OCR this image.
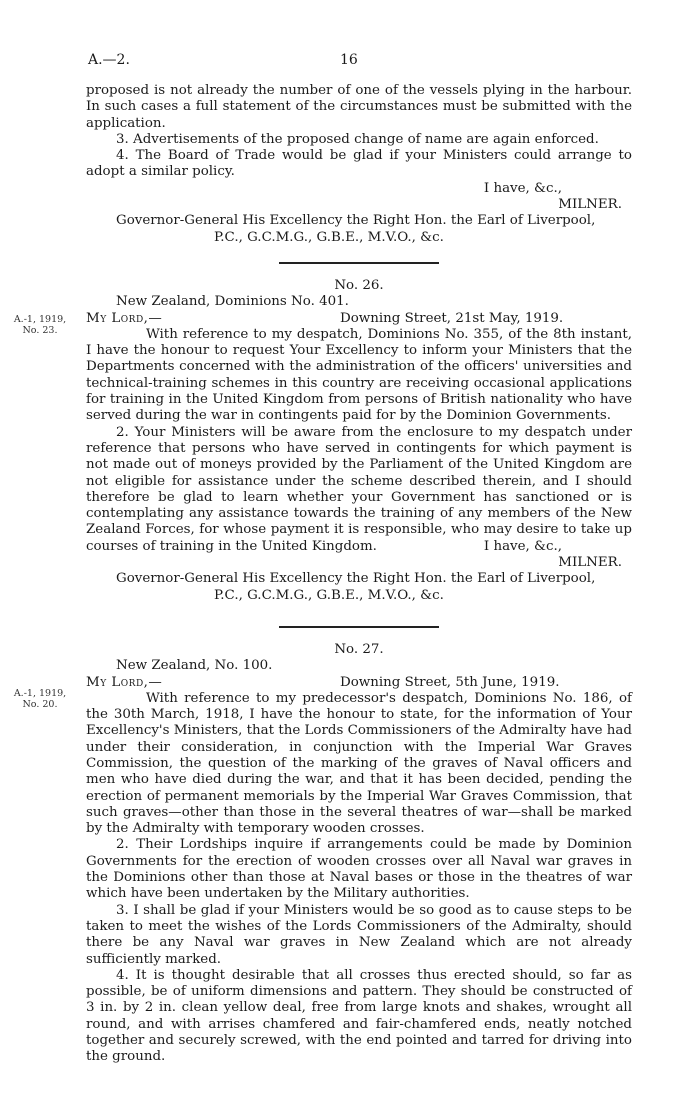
A.—2.	16
A.-1, 1919,
No. 23.
A.-1, 1919,
No. 20.

proposed is not already the number of one of the vessels plying in the harbour. In such cases a full statement of the circumstances must be submitted with the application.

3. Advertisements of the proposed change of name are again enforced.

4. The Board of Trade would be glad if your Ministers could arrange to adopt a similar policy.

I have, &c.,

MILNER.

Governor-General His Excellency the Right Hon. the Earl of Liverpool,

P.C., G.C.M.G., G.B.E., M.V.O., &c.

No. 26.

New Zealand, Dominions No. 401.

My Lord,—	Downing Street, 21st May, 1919.

With reference to my despatch, Dominions No. 355, of the 8th instant, I have the honour to request Your Excellency to inform your Ministers that the Departments concerned with the administration of the officers' universities and technical-training schemes in this country are receiving occasional applications for training in the United Kingdom from persons of British nationality who have served during the war in contingents paid for by the Dominion Governments.

2. Your Ministers will be aware from the enclosure to my despatch under reference that persons who have served in contingents for which payment is not made out of moneys provided by the Parliament of the United Kingdom are not eligible for assistance under the scheme described therein, and I should therefore be glad to learn whether your Government has sanctioned or is contemplating any assistance towards the training of any members of the New Zealand Forces, for whose payment it is responsible, who may desire to take up courses of training in the United Kingdom.	I have, &c.,

MILNER.

Governor-General His Excellency the Right Hon. the Earl of Liverpool,

P.C., G.C.M.G., G.B.E., M.V.O., &c.

No. 27.

New Zealand, No. 100.

My Lord,—	Downing Street, 5th June, 1919.

With reference to my predecessor's despatch, Dominions No. 186, of the 30th March, 1918, I have the honour to state, for the information of Your Excellency's Ministers, that the Lords Commissioners of the Admiralty have had under their consideration, in conjunction with the Imperial War Graves Commission, the question of the marking of the graves of Naval officers and men who have died during the war, and that it has been decided, pending the erection of permanent memorials by the Imperial War Graves Commission, that such graves—other than those in the several theatres of war—shall be marked by the Admiralty with temporary wooden crosses.

2. Their Lordships inquire if arrangements could be made by Dominion Governments for the erection of wooden crosses over all Naval war graves in the Dominions other than those at Naval bases or those in the theatres of war which have been undertaken by the Military authorities.

3. I shall be glad if your Ministers would be so good as to cause steps to be taken to meet the wishes of the Lords Commissioners of the Admiralty, should there be any Naval war graves in New Zealand which are not already sufficiently marked.

4. It is thought desirable that all crosses thus erected should, so far as possible, be of uniform dimensions and pattern. They should be constructed of 3 in. by 2 in. clean yellow deal, free from large knots and shakes, wrought all round, and with arrises chamfered and fair-chamfered ends, neatly notched together and securely screwed, with the end pointed and tarred for driving into the ground.
